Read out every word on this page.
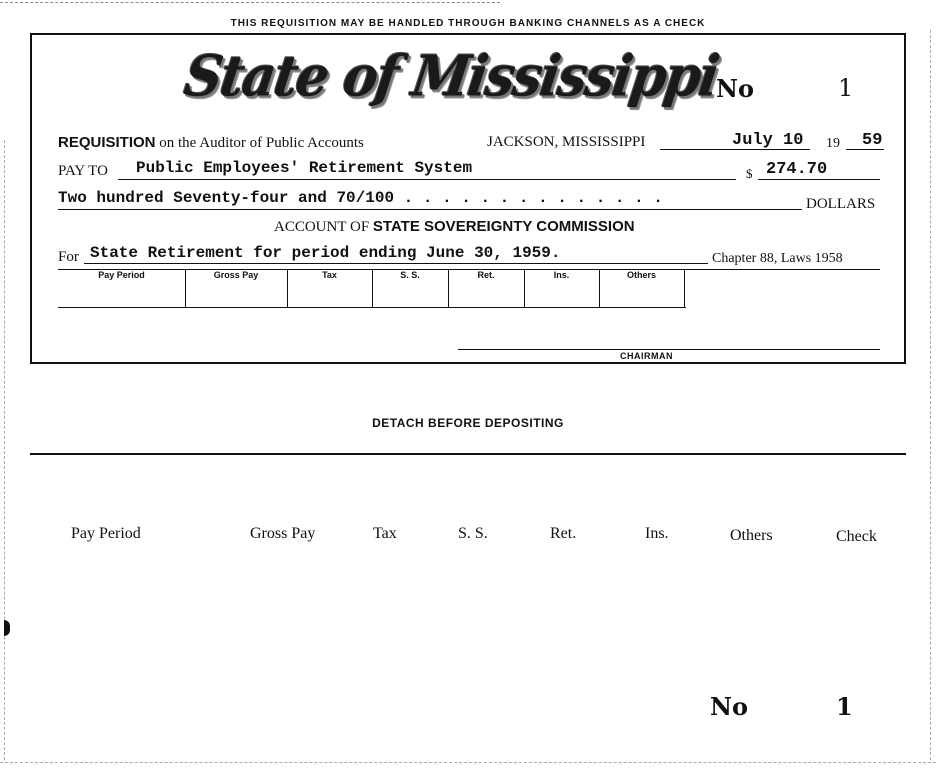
THIS REQUISITION MAY BE HANDLED THROUGH BANKING CHANNELS AS A CHECK
State of Mississippi
No	1
REQUISITION on the Auditor of Public Accounts	JACKSON, MISSISSIPPI	July 10 19 59
PAY TO Public Employees' Retirement System	$ 274.70
Two hundred Seventy-four and 70/100 . . . . . . . . . . . . . .	DOLLARS
ACCOUNT OF STATE SOVEREIGNTY COMMISSION
For State Retirement for period ending June 30, 1959.	Chapter 88, Laws 1958
Pay Period	Gross Pay	Tax	S. S.	Ret.	Ins.	Others
CHAIRMAN
DETACH BEFORE DEPOSITING
Pay Period	Gross Pay	Tax	S. S.	Ret.	Ins.	Others	Check
No	1
